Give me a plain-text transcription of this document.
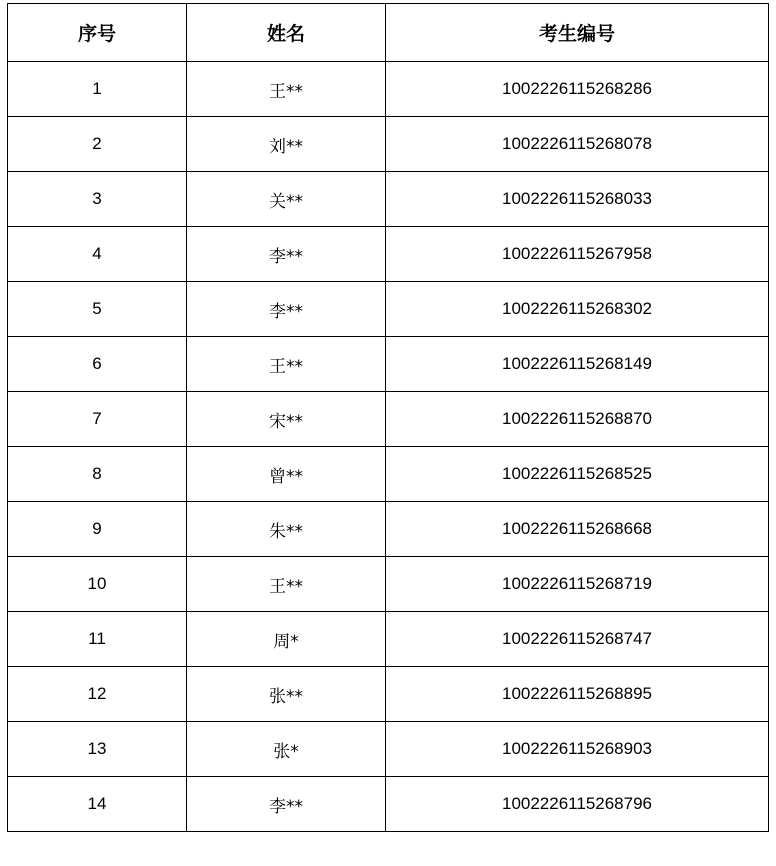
序号	姓名	考生编号
1	王**	1002226115268286
2	刘**	1002226115268078
3	关**	1002226115268033
4	李**	1002226115267958
5	李**	1002226115268302
6	王**	1002226115268149
7	宋**	1002226115268870
8	曾**	1002226115268525
9	朱**	1002226115268668
10	王**	1002226115268719
11	周*	1002226115268747
12	张**	1002226115268895
13	张*	1002226115268903
14	李**	1002226115268796
